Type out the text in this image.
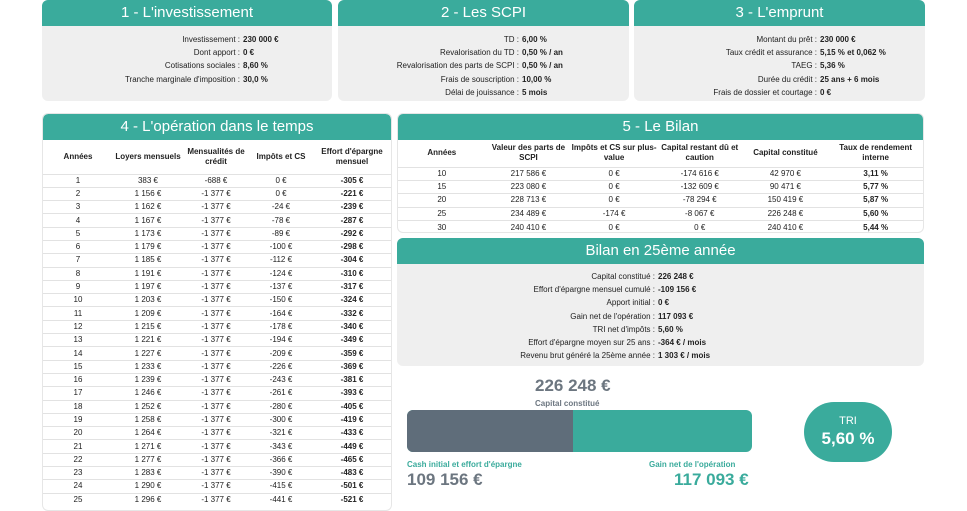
1 - L'investissement
Investissement : 230 000 €
Dont apport : 0 €
Cotisations sociales : 8,60 %
Tranche marginale d'imposition : 30,0 %
2 - Les SCPI
TD : 6,00 %
Revalorisation du TD : 0,50 % / an
Revalorisation des parts de SCPI : 0,50 % / an
Frais de souscription : 10,00 %
Délai de jouissance : 5 mois
3 - L'emprunt
Montant du prêt : 230 000 €
Taux crédit et assurance : 5,15 % et 0,062 %
TAEG : 5,36 %
Durée du crédit : 25 ans + 6 mois
Frais de dossier et courtage : 0 €
4 - L'opération dans le temps
Années	Loyers mensuels	Mensualités de crédit	Impôts et CS	Effort d'épargne mensuel
1	383 €	-688 €	0 €	-305 €
2	1 156 €	-1 377 €	0 €	-221 €
3	1 162 €	-1 377 €	-24 €	-239 €
4	1 167 €	-1 377 €	-78 €	-287 €
5	1 173 €	-1 377 €	-89 €	-292 €
6	1 179 €	-1 377 €	-100 €	-298 €
7	1 185 €	-1 377 €	-112 €	-304 €
8	1 191 €	-1 377 €	-124 €	-310 €
9	1 197 €	-1 377 €	-137 €	-317 €
10	1 203 €	-1 377 €	-150 €	-324 €
11	1 209 €	-1 377 €	-164 €	-332 €
12	1 215 €	-1 377 €	-178 €	-340 €
13	1 221 €	-1 377 €	-194 €	-349 €
14	1 227 €	-1 377 €	-209 €	-359 €
15	1 233 €	-1 377 €	-226 €	-369 €
16	1 239 €	-1 377 €	-243 €	-381 €
17	1 246 €	-1 377 €	-261 €	-393 €
18	1 252 €	-1 377 €	-280 €	-405 €
19	1 258 €	-1 377 €	-300 €	-419 €
20	1 264 €	-1 377 €	-321 €	-433 €
21	1 271 €	-1 377 €	-343 €	-449 €
22	1 277 €	-1 377 €	-366 €	-465 €
23	1 283 €	-1 377 €	-390 €	-483 €
24	1 290 €	-1 377 €	-415 €	-501 €
25	1 296 €	-1 377 €	-441 €	-521 €
5 - Le Bilan
Années	Valeur des parts de SCPI	Impôts et CS sur plus-value	Capital restant dû et caution	Capital constitué	Taux de rendement interne
10	217 586 €	0 €	-174 616 €	42 970 €	3,11 %
15	223 080 €	0 €	-132 609 €	90 471 €	5,77 %
20	228 713 €	0 €	-78 294 €	150 419 €	5,87 %
25	234 489 €	-174 €	-8 067 €	226 248 €	5,60 %
30	240 410 €	0 €	0 €	240 410 €	5,44 %
Bilan en 25ème année
Capital constitué : 226 248 €
Effort d'épargne mensuel cumulé : -109 156 €
Apport initial : 0 €
Gain net de l'opération : 117 093 €
TRI net d'impôts : 5,60 %
Effort d'épargne moyen sur 25 ans : -364 € / mois
Revenu brut généré la 25ème année : 1 303 € / mois
226 248 €
Capital constitué
Cash initial et effort d'épargne
109 156 €
Gain net de l'opération
117 093 €
TRI
5,60 %
